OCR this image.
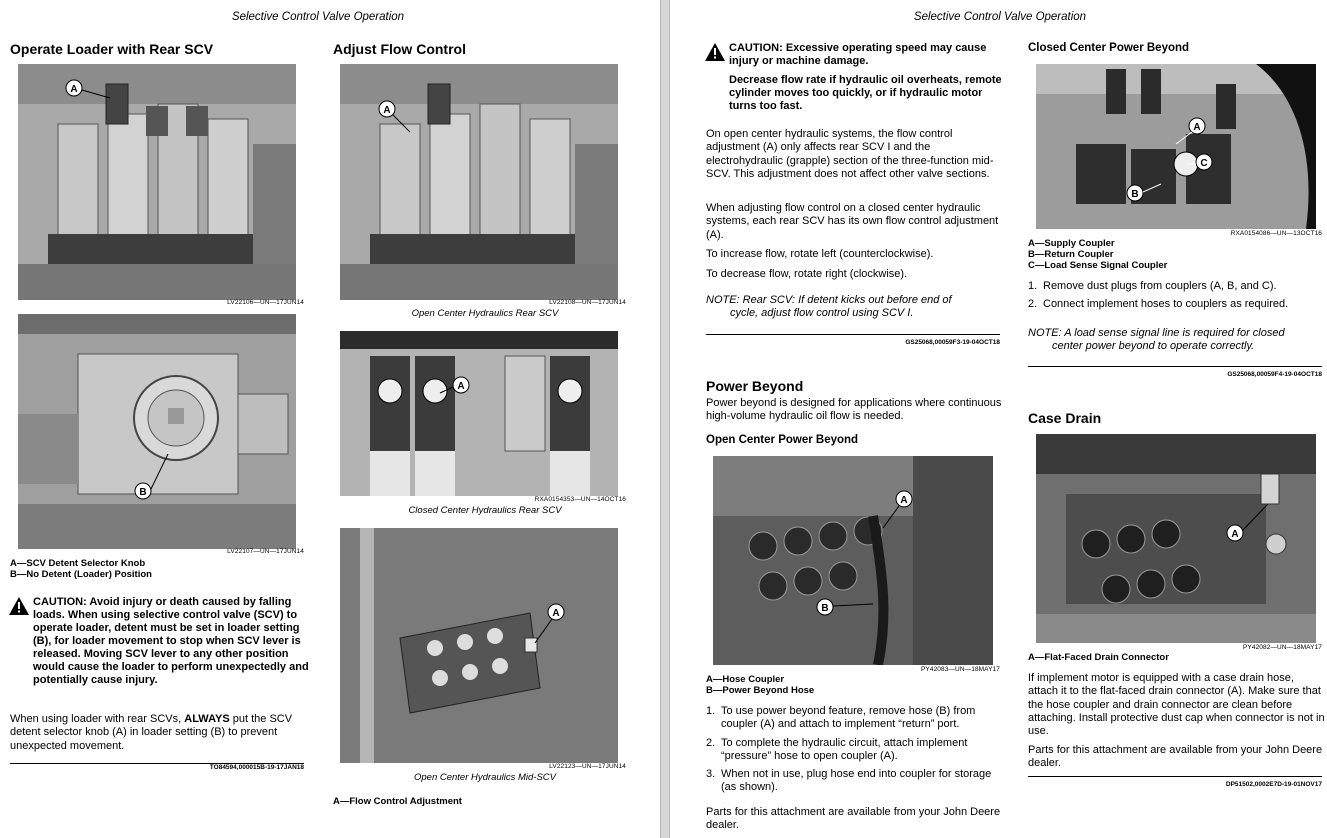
Selective Control Valve Operation
Operate Loader with Rear SCV
A
LV22106—UN—17JUN14
B
LV22107—UN—17JUN14
A—SCV Detent Selector Knob
B—No Detent (Loader) Position
CAUTION: Avoid injury or death caused by falling loads. When using selective control valve (SCV) to operate loader, detent must be set in loader setting (B), for loader movement to stop when SCV lever is released. Moving SCV lever to any other position would cause the loader to perform unexpectedly and potentially cause injury.
When using loader with rear SCVs, ALWAYS put the SCV detent selector knob (A) in loader setting (B) to prevent unexpected movement.
TO84594,000015B-19-17JAN18
Adjust Flow Control
A
LV22108—UN—17JUN14
Open Center Hydraulics Rear SCV
A
RXA0154353—UN—14OCT16
Closed Center Hydraulics Rear SCV
A
LV22123—UN—17JUN14
Open Center Hydraulics Mid-SCV
A—Flow Control Adjustment
Selective Control Valve Operation
CAUTION: Excessive operating speed may cause injury or machine damage.
Decrease flow rate if hydraulic oil overheats, remote cylinder moves too quickly, or if hydraulic motor turns too fast.
On open center hydraulic systems, the flow control adjustment (A) only affects rear SCV I and the electrohydraulic (grapple) section of the three-function mid-SCV. This adjustment does not affect other valve sections.
When adjusting flow control on a closed center hydraulic systems, each rear SCV has its own flow control adjustment (A).
To increase flow, rotate left (counterclockwise).
To decrease flow, rotate right (clockwise).
NOTE: Rear SCV: If detent kicks out before end of
cycle, adjust flow control using SCV I.
GS25068,00059F3-19-04OCT18
Power Beyond
Power beyond is designed for applications where continuous high-volume hydraulic oil flow is needed.
Open Center Power Beyond
A
B
PY42083—UN—18MAY17
A—Hose Coupler
B—Power Beyond Hose
1. To use power beyond feature, remove hose (B) from coupler (A) and attach to implement “return” port.
2. To complete the hydraulic circuit, attach implement “pressure” hose to open coupler (A).
3. When not in use, plug hose end into coupler for storage (as shown).
Parts for this attachment are available from your John Deere dealer.
Closed Center Power Beyond
A
B
C
RXA0154086—UN—13OCT16
A—Supply Coupler
B—Return Coupler
C—Load Sense Signal Coupler
1. Remove dust plugs from couplers (A, B, and C).
2. Connect implement hoses to couplers as required.
NOTE: A load sense signal line is required for closed
center power beyond to operate correctly.
GS25068,00059F4-19-04OCT18
Case Drain
A
PY42082—UN—18MAY17
A—Flat-Faced Drain Connector
If implement motor is equipped with a case drain hose, attach it to the flat-faced drain connector (A). Make sure that the hose coupler and drain connector are clean before attaching. Install protective dust cap when connector is not in use.
Parts for this attachment are available from your John Deere dealer.
DP51502,0002E7D-19-01NOV17
